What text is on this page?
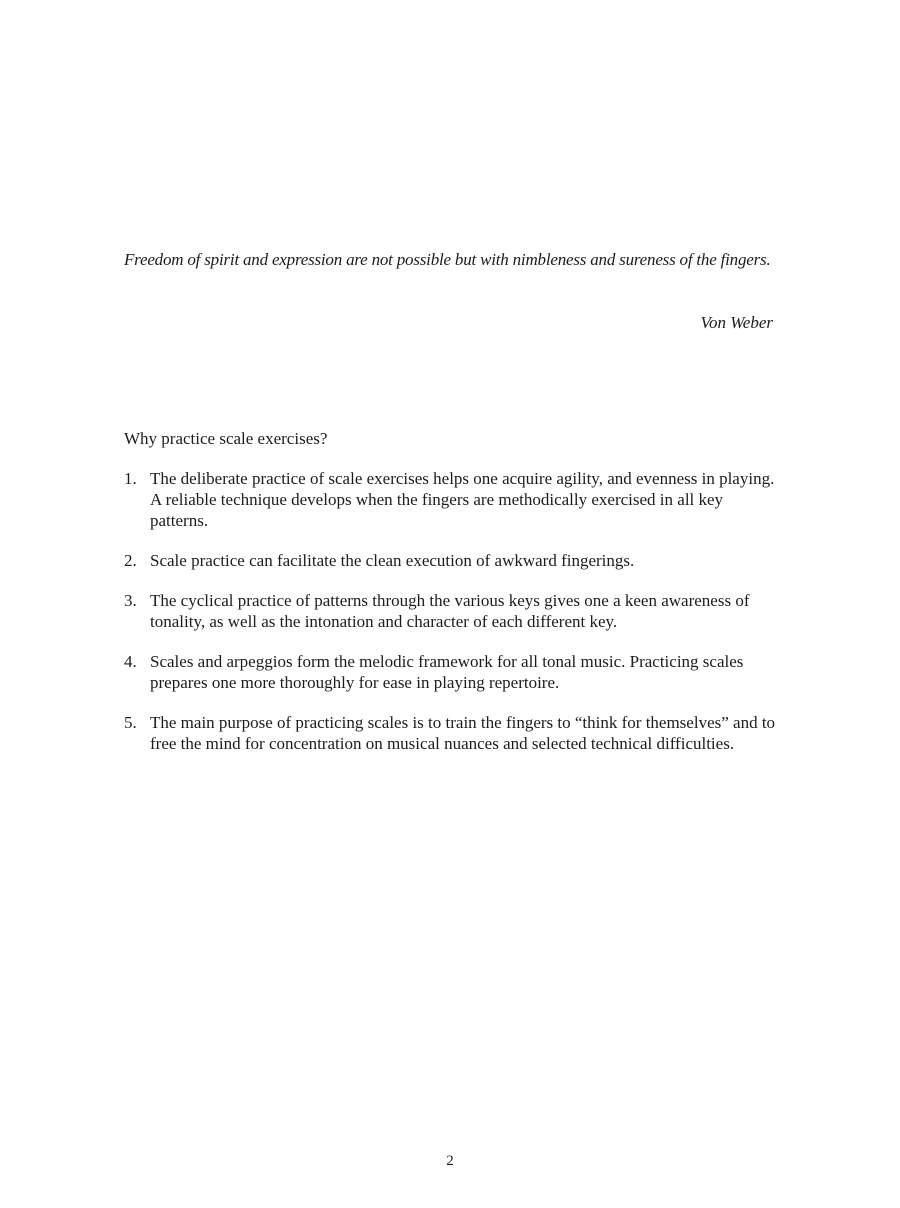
Freedom of spirit and expression are not possible but with nimbleness and sureness of the fingers.
Von Weber
Why practice scale exercises?
1. The deliberate practice of scale exercises helps one acquire agility, and evenness in playing. A reliable technique develops when the fingers are methodically exercised in all key patterns.
2. Scale practice can facilitate the clean execution of awkward fingerings.
3. The cyclical practice of patterns through the various keys gives one a keen awareness of tonality, as well as the intonation and character of each different key.
4. Scales and arpeggios form the melodic framework for all tonal music. Practicing scales prepares one more thoroughly for ease in playing repertoire.
5. The main purpose of practicing scales is to train the fingers to “think for themselves” and to free the mind for concentration on musical nuances and selected technical difficulties.
2
